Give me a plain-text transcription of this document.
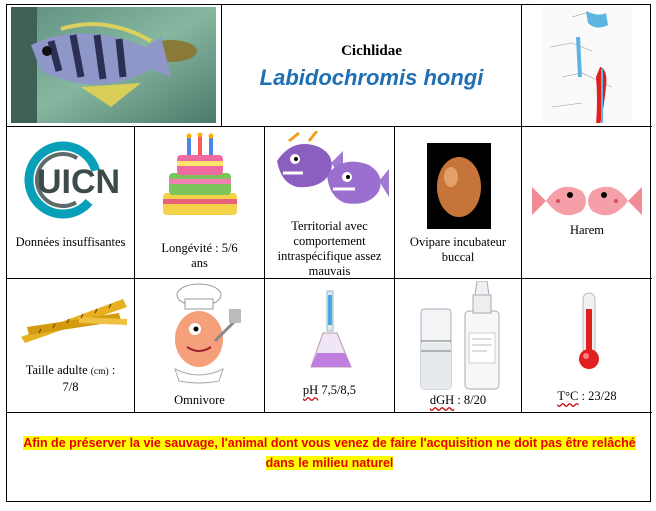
Cichlidae
Labidochromis hongi
UICN
Données insuffisantes	Longévité : 5/6 ans
Territorial avec comportement intraspécifique assez mauvais
Ovipare incubateur buccal
Harem
Taille adulte (cm) :
7/8
Omnivore
pH 7,5/8,5
dGH : 8/20	T°C : 23/28
Afin de préserver la vie sauvage, l'animal dont vous venez de faire l'acquisition ne doit pas être relâché dans le milieu naturel
